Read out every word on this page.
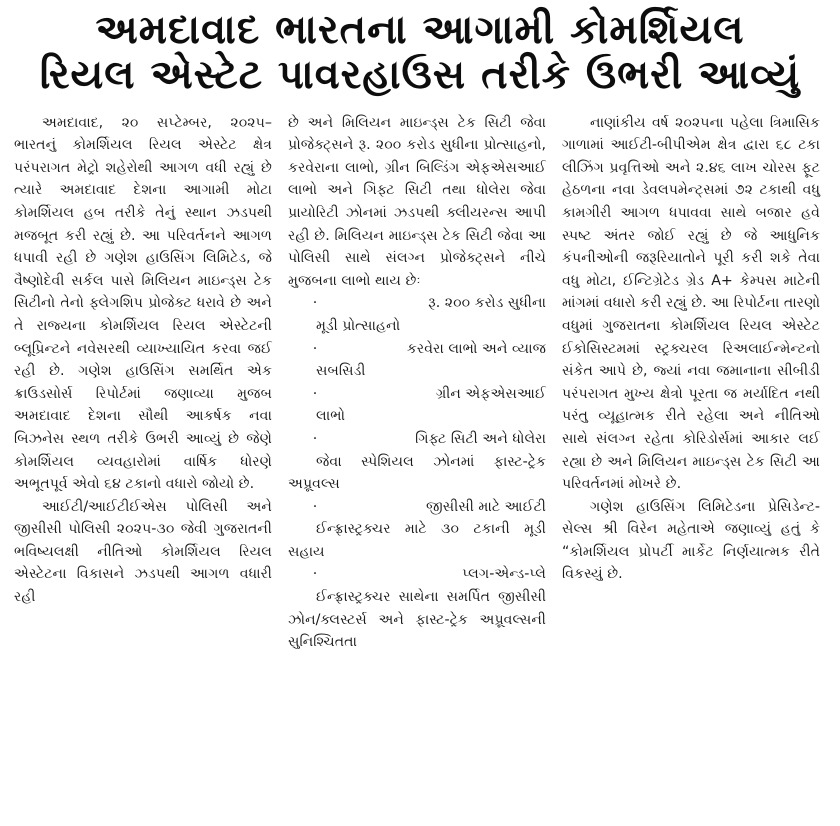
અમદાવાદ ભારતના આગામી કોમર્શિયલ
રિયલ એસ્ટેટ પાવરહાઉસ તરીકે ઉભરી આવ્યું

અમદાવાદ, ૨૦ સપ્ટેમ્બર, ૨૦૨૫–ભારતનું કોમર્શિયલ રિયલ એસ્ટેટ ક્ષેત્ર પરંપરાગત મેટ્રો શહેરોથી આગળ વધી રહ્યું છે ત્યારે અમદાવાદ દેશના આગામી મોટા કોમર્શિયલ હબ તરીકે તેનું સ્થાન ઝડપથી મજબૂત કરી રહ્યું છે. આ પરિવર્તનને આગળ ધપાવી રહી છે ગણેશ હાઉસિંગ લિમિટેડ, જે વૈષ્ણોદેવી સર્કલ પાસે મિલિયન માઇન્ડ્સ ટેક સિટીનો તેનો ફ્લેગશિપ પ્રોજેક્ટ ધરાવે છે અને તે રાજ્યના કોમર્શિયલ રિયલ એસ્ટેટની બ્લૂપ્રિન્ટને નવેસરથી વ્યાખ્યાયિત કરવા જઈ રહી છે. ગણેશ હાઉસિંગ સમર્થિત એક ક્રાઉડસોર્સ રિપોર્ટમાં જણાવ્યા મુજબ અમદાવાદ દેશના સૌથી આકર્ષક નવા બિઝનેસ સ્થળ તરીકે ઉભરી આવ્યું છે જેણે કોમર્શિયલ વ્યવહારોમાં વાર્ષિક ધોરણે અભૂતપૂર્વ એવો ૬૪ ટકાનો વધારો જોયો છે.

આઈટી/આઈટીઈએસ પોલિસી અને જીસીસી પોલિસી ૨૦૨૫-૩૦ જેવી ગુજરાતની ભવિષ્યલક્ષી નીતિઓ કોમર્શિયલ રિયલ એસ્ટેટના વિકાસને ઝડપથી આગળ વધારી રહી

છે અને મિલિયન માઇન્ડ્સ ટેક સિટી જેવા પ્રોજેક્ટ્સને રૂ. ૨૦૦ કરોડ સુધીના પ્રોત્સાહનો, કરવેરાના લાભો, ગ્રીન બિલ્ડિંગ એફએસઆઈ લાભો અને ગિફ્ટ સિટી તથા ધોલેરા જેવા પ્રાયોરિટી ઝોનમાં ઝડપથી ક્લીયરન્સ આપી રહી છે. મિલિયન માઇન્ડ્સ ટેક સિટી જેવા આ પોલિસી સાથે સંલગ્ન પ્રોજેક્ટ્સને નીચે મુજબના લાભો થાય છેઃ

·	રૂ. ૨૦૦ કરોડ સુધીના

મૂડી પ્રોત્સાહનો

·	કરવેરા લાભો અને વ્યાજ

સબસિડી

·	ગ્રીન એફએસઆઈ

લાભો

·	ગિફ્ટ સિટી અને ધોલેરા

જેવા સ્પેશિયલ ઝોનમાં ફાસ્ટ-ટ્રેક અપ્રૂવલ્સ

·	જીસીસી માટે આઈટી

ઈન્ફ્રાસ્ટ્રક્ચર માટે ૩૦ ટકાની મૂડી સહાય

·	પ્લગ-એન્ડ-પ્લે

ઈન્ફ્રાસ્ટ્રક્ચર સાથેના સમર્પિત જીસીસી ઝોન/ક્લસ્ટર્સ અને ફાસ્ટ-ટ્રેક અપ્રૂવલ્સની સુનિશ્ચિતતા

નાણાંકીય વર્ષ ૨૦૨૫ના પહેલા ત્રિમાસિક ગાળામાં આઈટી-બીપીએમ ક્ષેત્ર દ્વારા ૬૮ ટકા લીઝિંગ પ્રવૃત્તિઓ અને ૨.૪૬ લાખ ચોરસ ફૂટ હેઠળના નવા ડેવલપમેન્ટ્સમાં ૭૨ ટકાથી વધુ કામગીરી આગળ ધપાવવા સાથે બજાર હવે સ્પષ્ટ અંતર જોઈ રહ્યું છે જે આધુનિક કંપનીઓની જરૂરિયાતોને પૂરી કરી શકે તેવા વધુ મોટા, ઈન્ટિગ્રેટેડ ગ્રેડ A+ કેમ્પસ માટેની માંગમાં વધારો કરી રહ્યું છે. આ રિપોર્ટના તારણો વધુમાં ગુજરાતના કોમર્શિયલ રિયલ એસ્ટેટ ઈકોસિસ્ટમમાં સ્ટ્રક્ચરલ રિઅલાઈન્મેન્ટનો સંકેત આપે છે, જ્યાં નવા જમાનાના સીબીડી પરંપરાગત મુખ્ય ક્ષેત્રો પૂરતા જ મર્યાદિત નથી પરંતુ વ્યૂહાત્મક રીતે રહેલા અને નીતિઓ સાથે સંલગ્ન રહેતા કોરિડોર્સમાં આકાર લઈ રહ્યા છે અને મિલિયન માઇન્ડ્સ ટેક સિટી આ પરિવર્તનમાં મોખરે છે.

ગણેશ હાઉસિંગ લિમિટેડના પ્રેસિડેન્ટ-સેલ્સ શ્રી વિરેન મહેતાએ જણાવ્યું હતું કે “કોમર્શિયલ પ્રોપર્ટી માર્કેટ નિર્ણયાત્મક રીતે વિકસ્યું છે.
